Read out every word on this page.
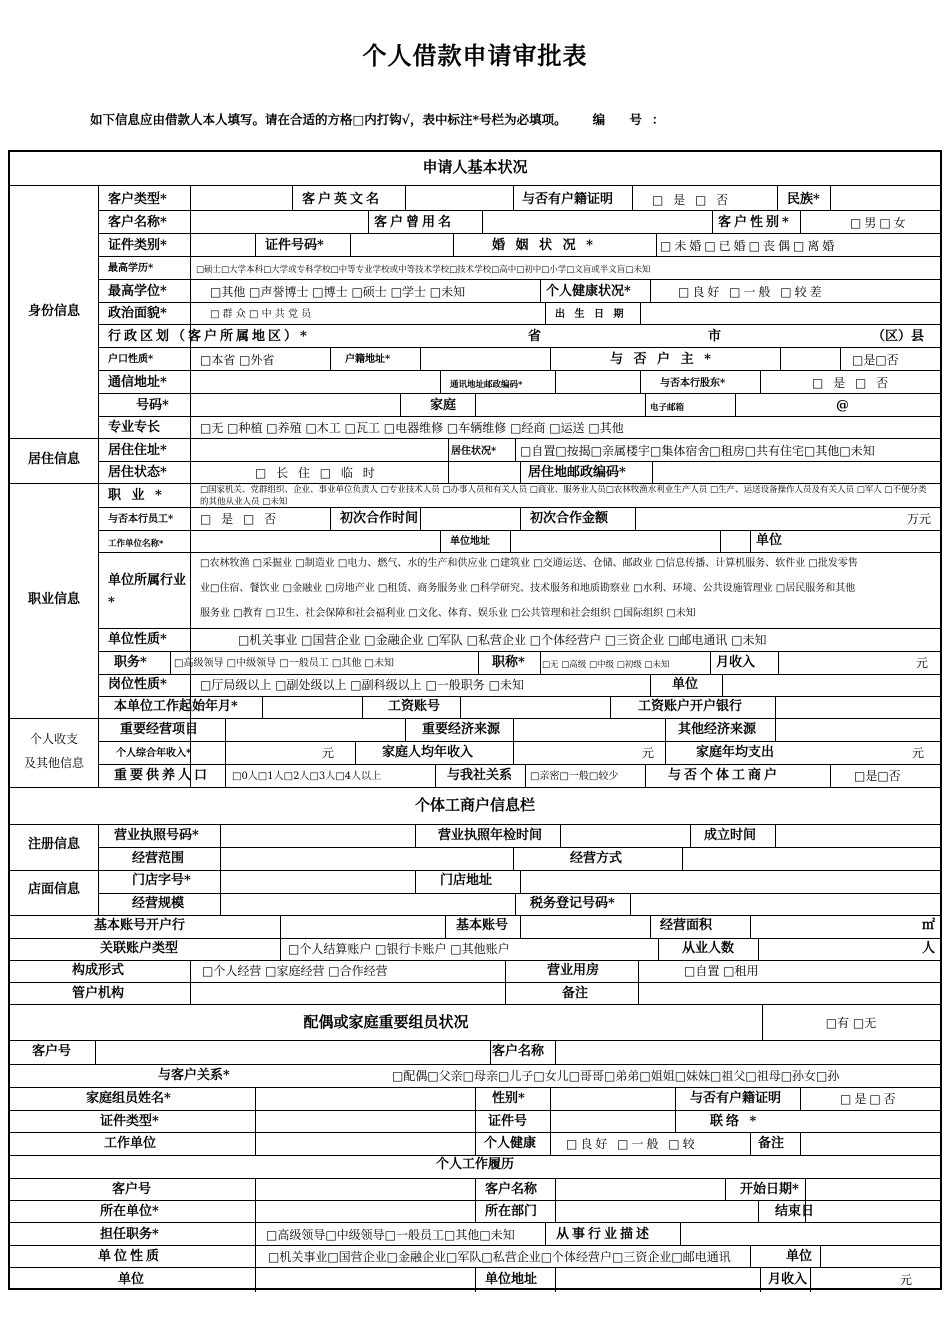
个人借款申请审批表
如下信息应由借款人本人填写。请在合适的方格□内打钩√，表中标注*号栏为必填项。 编 号：
申请人基本状况
个体工商户信息栏
配偶或家庭重要组员状况	□有 □无
个人工作履历
身份信息
居住信息
职业信息
个人收支
及其他信息
注册信息
店面信息
客户类型*	客户英文名	与否有户籍证明	□ 是 □ 否	民族*
客户名称*	客户曾用名	客户性别*	□男□女
证件类别*	证件号码*	婚 姻 状 况 *	□未婚□已婚□丧偶□离婚
最高学历*	□硕士□大学本科□大学或专科学校□中等专业学校或中等技术学校□技术学校□高中□初中□小学□文盲或半文盲□未知
最高学位*	□其他 □声誉博士 □博士 □硕士 □学士 □未知	个人健康状况*	□良好 □一般 □较差
政治面貌*	□ 群 众 □ 中 共 党 员	出 生 日 期
行政区划（客户所属地区）*	省	市	（区）县
户口性质*	□本省 □外省	户籍地址*	与 否 户 主 *	□是□否
通信地址*	通讯地址邮政编码*	与否本行股东*	□ 是 □ 否
号码*	家庭	电子邮箱	@
专业专长	□无 □种植 □养殖 □木工 □瓦工 □电器维修 □车辆维修 □经商 □运送 □其他
居住住址*	居住状况* □自置□按揭□亲属楼宇□集体宿舍□租房□共有住宅□其他□未知
居住状态*	□ 长 住 □ 临 时	居住地邮政编码*
职 业 *	□国家机关、党群组织、企业、事业单位负责人 □专业技术人员 □办事人员和有关人员 □商业、服务业人员□农林牧渔水利业生产人员 □生产、运送设备操作人员及有关人员 □军人 □不便分类的其他从业人员 □未知
与否本行员工* □ 是 □ 否	初次合作时间	初次合作金额	万元
工作单位名称*	单位地址	单位
单位所属行业*
□农林牧渔 □采掘业 □制造业 □电力、燃气、水的生产和供应业 □建筑业 □交通运送、仓储、邮政业 □信息传播、计算机服务、软件业 □批发零售
业□住宿、餐饮业 □金融业 □房地产业 □租赁、商务服务业 □科学研究、技术服务和地质勘察业 □水利、环境、公共设施管理业 □居民服务和其他
服务业 □教育 □卫生、社会保障和社会福利业 □文化、体育、娱乐业 □公共管理和社会组织 □国际组织 □未知
单位性质*	□机关事业 □国营企业 □金融企业 □军队 □私营企业 □个体经营户 □三资企业 □邮电通讯 □未知
职务*	□高级领导 □中级领导 □一般员工 □其他 □未知	职称* □无 □高级 □中级 □初级 □未知	月收入	元
岗位性质*	□厅局级以上 □副处级以上 □副科级以上 □一般职务 □未知	单位
本单位工作起始年月*	工资账号	工资账户开户银行
重要经营项目	重要经济来源	其他经济来源
个人综合年收入*	元	家庭人均年收入	元	家庭年均支出	元
重要供养人口 □0人□1人□2人□3人□4人以上	与我社关系 □亲密□一般□较少	与否个体工商户	□是□否
营业执照号码*	营业执照年检时间	成立时间
经营范围	经营方式
门店字号*	门店地址
经营规模	税务登记号码*
基本账号开户行	基本账号	经营面积	㎡
关联账户类型	□个人结算账户 □银行卡账户 □其他账户	从业人数	人
构成形式	□个人经营 □家庭经营 □合作经营	营业用房	□自置 □租用
管户机构	备注
客户号	客户名称
与客户关系*	□配偶□父亲□母亲□儿子□女儿□哥哥□弟弟□姐姐□妹妹□祖父□祖母□孙女□孙
家庭组员姓名*	性别*	与否有户籍证明	□是□否
证件类型*	证件号	联络 *
工作单位	个人健康 □良好 □一般 □较	备注
客户号	客户名称	开始日期*
所在单位*	所在部门	结束日
担任职务*	□高级领导□中级领导□一般员工□其他□未知	从事行业描述
单位性质	□机关事业□国营企业□金融企业□军队□私营企业□个体经营户□三资企业□邮电通讯	单位
单位	单位地址	月收入	元
